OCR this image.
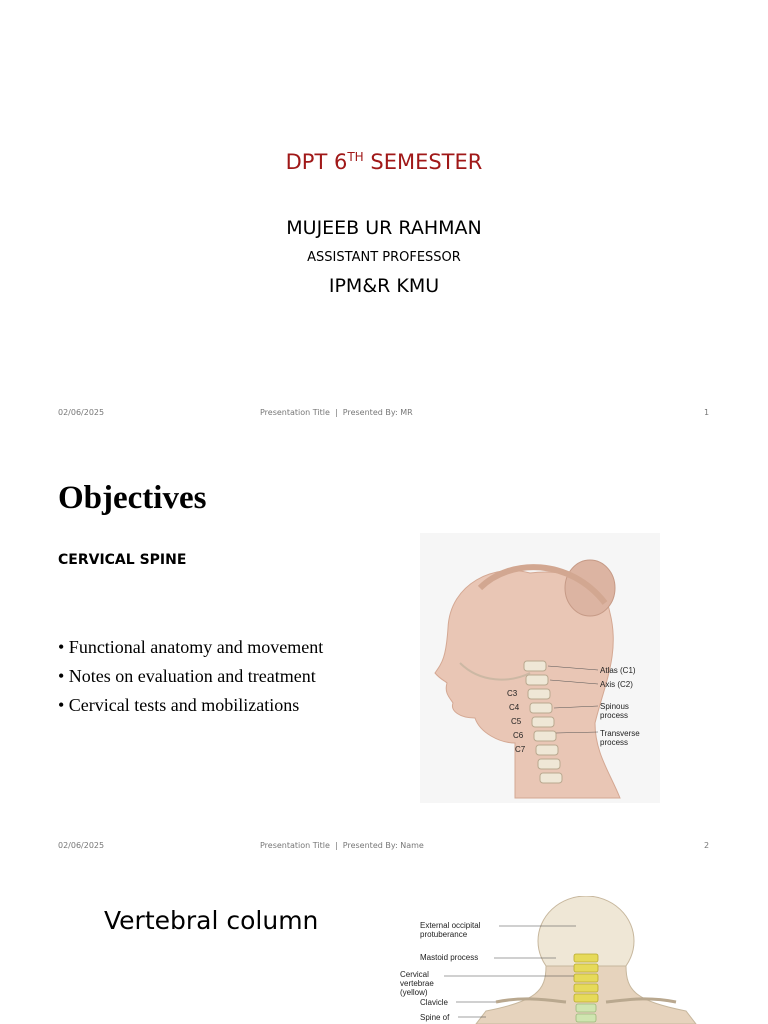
DPT 6TH SEMESTER
MUJEEB UR RAHMAN
ASSISTANT PROFESSOR
IPM&R KMU
02/06/2025	Presentation Title  |  Presented By: MR	1
Objectives
CERVICAL SPINE
• Functional anatomy and movement
• Notes on evaluation and treatment
• Cervical tests and mobilizations
Atlas (C1)
Axis (C2)
Spinous
process
Transverse
process
C3
C4
C5
C6
C7
02/06/2025	Presentation Title  |  Presented By: Name	2
Vertebral column	External occipital
protuberance
Mastoid process
Cervical
vertebrae
(yellow)
Clavicle
Spine of
